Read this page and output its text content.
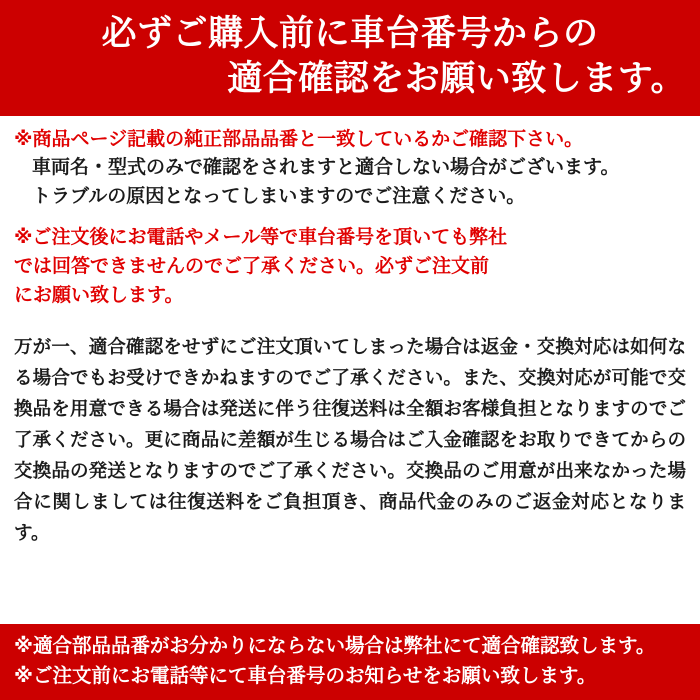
必ずご購入前に車台番号からの
適合確認をお願い致します。
※商品ページ記載の純正部品品番と一致しているかご確認下さい。
車両名・型式のみで確認をされますと適合しない場合がございます。
トラブルの原因となってしまいますのでご注意ください。
※ご注文後にお電話やメール等で車台番号を頂いても弊社
では回答できませんのでご了承ください。必ずご注文前
にお願い致します。
万が一、適合確認をせずにご注文頂いてしまった場合は返金・交換対応は如何なる場合でもお受けできかねますのでご了承ください。また、交換対応が可能で交換品を用意できる場合は発送に伴う往復送料は全額お客様負担となりますのでご了承ください。更に商品に差額が生じる場合はご入金確認をお取りできてからの交換品の発送となりますのでご了承ください。交換品のご用意が出来なかった場合に関しましては往復送料をご負担頂き、商品代金のみのご返金対応となります。
※適合部品品番がお分かりにならない場合は弊社にて適合確認致します。
※ご注文前にお電話等にて車台番号のお知らせをお願い致します。
